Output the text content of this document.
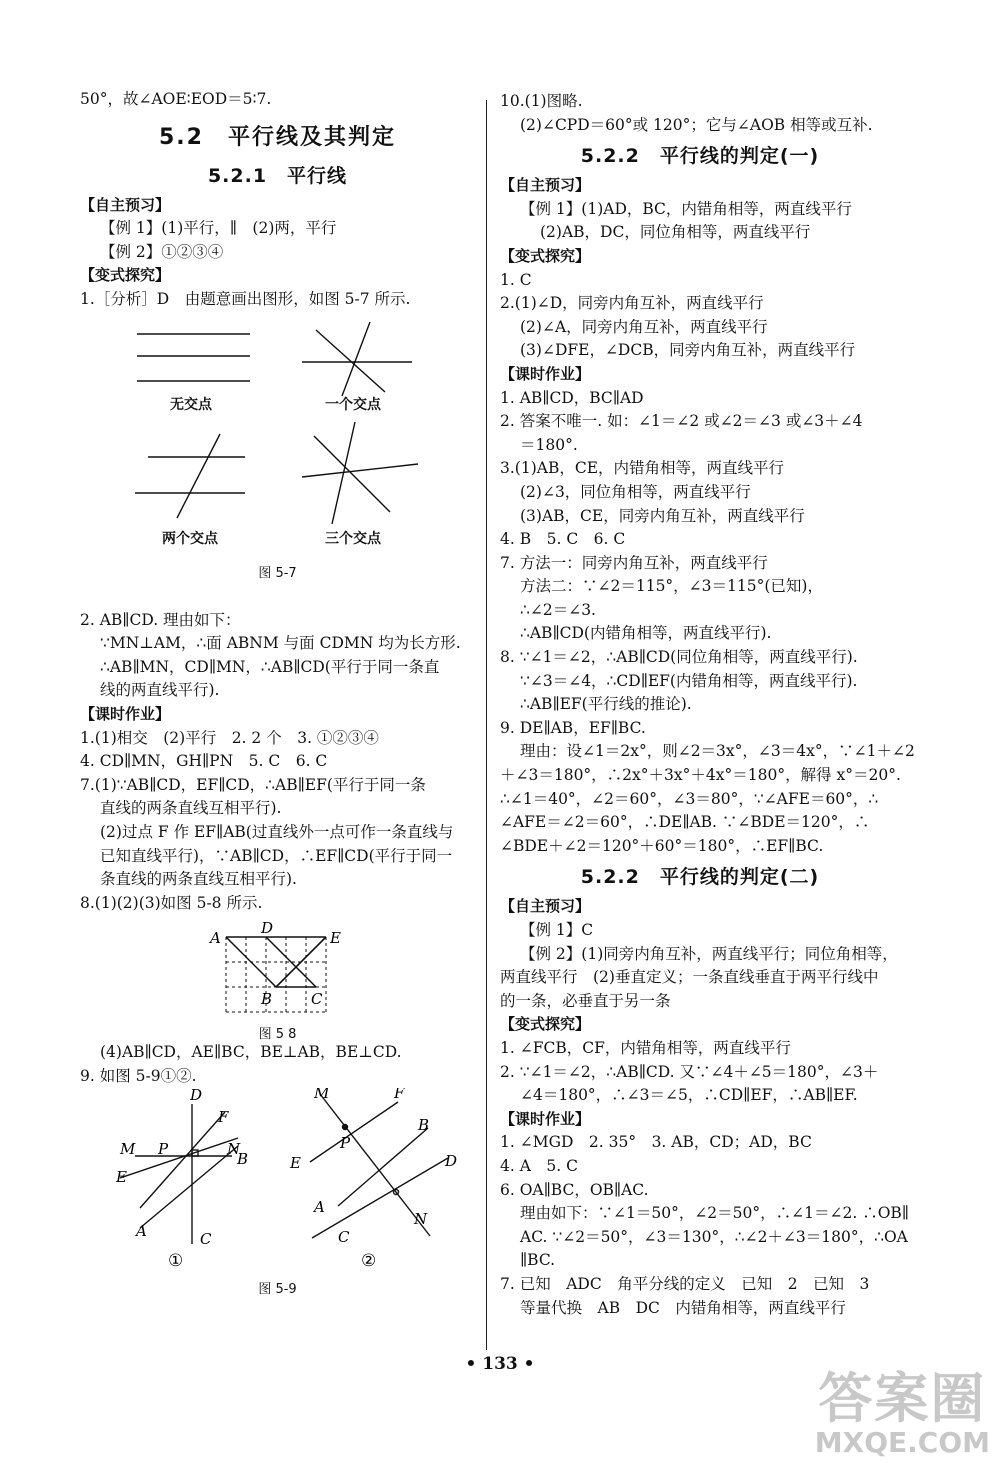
50°，故∠AOE∶EOD＝5∶7.
5.2　平行线及其判定
5.2.1　平行线
【自主预习】
【例 1】(1)平行，∥　(2)两，平行
【例 2】①②③④
【变式探究】
1.［分析］D　由题意画出图形，如图 5-7 所示.
无交点	一个交点
两个交点	三个交点
图 5-7
2. AB∥CD. 理由如下：
∵MN⊥AM，∴面 ABNM 与面 CDMN 均为长方形.
∴AB∥MN，CD∥MN，∴AB∥CD(平行于同一条直
线的两直线平行).
【课时作业】
1.(1)相交　(2)平行　2. 2 个　3. ①②③④
4. CD∥MN，GH∥PN　5. C　6. C
7.(1)∵AB∥CD，EF∥CD，∴AB∥EF(平行于同一条
直线的两条直线互相平行).
(2)过点 F 作 EF∥AB(过直线外一点可作一条直线与
已知直线平行)，∵AB∥CD，∴EF∥CD(平行于同一
条直线的两条直线互相平行).
8.(1)(2)(3)如图 5-8 所示.
A
D
E
B	C
图 5 8
(4)AB∥CD，AE∥BC，BE⊥AB，BE⊥CD.
9. 如图 5-9①②.
D
F
M P	N
E
B
A	C
M	F
B
P
E	D
A
N
C
①	②
图 5-9
10.(1)图略.
(2)∠CPD＝60°或 120°；它与∠AOB 相等或互补.
5.2.2　平行线的判定(一)
【自主预习】
【例 1】(1)AD，BC，内错角相等，两直线平行
(2)AB，DC，同位角相等，两直线平行
【变式探究】
1. C
2.(1)∠D，同旁内角互补，两直线平行
(2)∠A，同旁内角互补，两直线平行
(3)∠DFE，∠DCB，同旁内角互补，两直线平行
【课时作业】
1. AB∥CD，BC∥AD
2. 答案不唯一. 如：∠1＝∠2 或∠2＝∠3 或∠3＋∠4
＝180°.
3.(1)AB，CE，内错角相等，两直线平行
(2)∠3，同位角相等，两直线平行
(3)AB，CE，同旁内角互补，两直线平行
4. B　5. C　6. C
7. 方法一：同旁内角互补，两直线平行
方法二：∵∠2＝115°，∠3＝115°(已知)，
∴∠2＝∠3.
∴AB∥CD(内错角相等，两直线平行).
8. ∵∠1＝∠2，∴AB∥CD(同位角相等，两直线平行).
∵∠3＝∠4，∴CD∥EF(内错角相等，两直线平行).
∴AB∥EF(平行线的推论).
9. DE∥AB，EF∥BC.
理由：设∠1＝2x°，则∠2＝3x°，∠3＝4x°，∵∠1＋∠2
＋∠3＝180°，∴2x°＋3x°＋4x°＝180°，解得 x°＝20°.
∴∠1＝40°，∠2＝60°，∠3＝80°，∵∠AFE＝60°，∴
∠AFE＝∠2＝60°，∴DE∥AB. ∵∠BDE＝120°，∴
∠BDE＋∠2＝120°＋60°＝180°，∴EF∥BC.
5.2.2　平行线的判定(二)
【自主预习】
【例 1】C
【例 2】(1)同旁内角互补，两直线平行；同位角相等，
两直线平行　(2)垂直定义；一条直线垂直于两平行线中
的一条，必垂直于另一条
【变式探究】
1. ∠FCB，CF，内错角相等，两直线平行
2. ∵∠1＝∠2，∴AB∥CD. 又∵∠4＋∠5＝180°，∠3＋
∠4＝180°，∴∠3＝∠5，∴CD∥EF，∴AB∥EF.
【课时作业】
1. ∠MGD　2. 35°　3. AB，CD；AD，BC
4. A　5. C
6. OA∥BC，OB∥AC.
理由如下：∵∠1＝50°，∠2＝50°，∴∠1＝∠2. ∴OB∥
AC. ∵∠2＝50°，∠3＝130°，∴∠2＋∠3＝180°，∴OA
∥BC.
7. 已知　ADC　角平分线的定义　已知　2　已知　3
等量代换　AB　DC　内错角相等，两直线平行
• 133 •
答案圈
MXQE.COM
